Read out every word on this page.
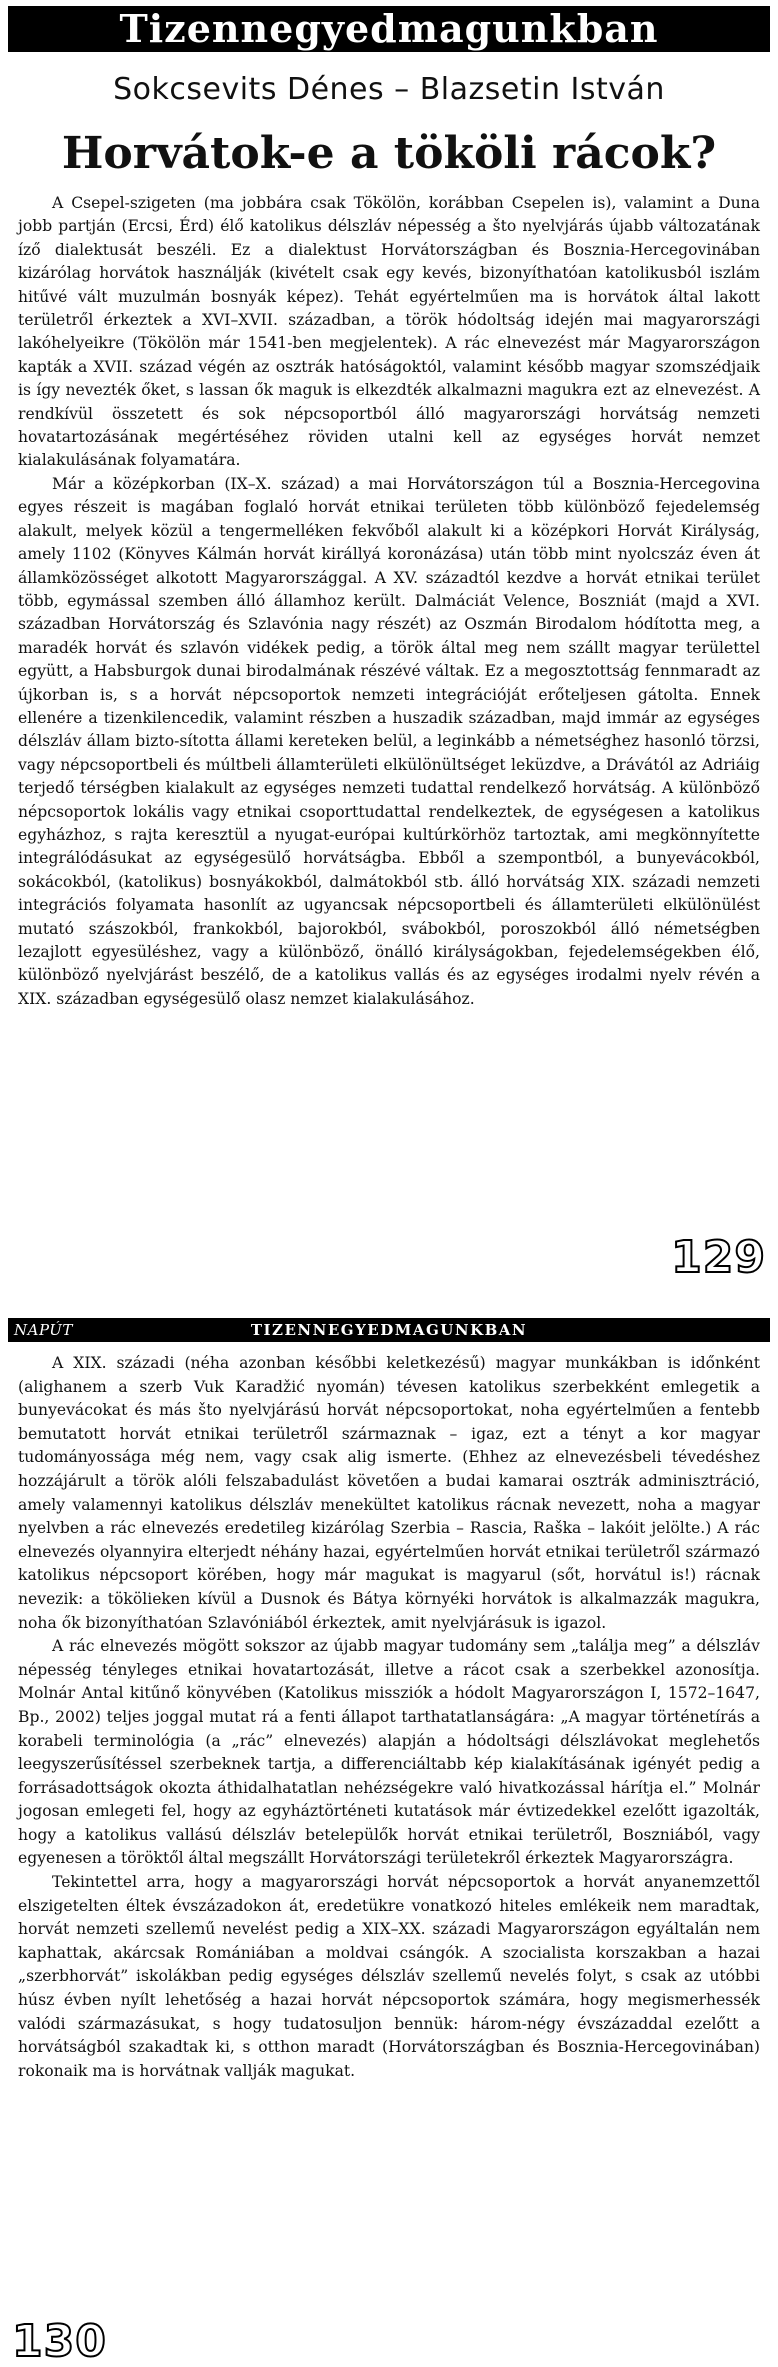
Tizennegyedmagunkban
Sokcsevits Dénes – Blazsetin István
Horvátok-e a tököli rácok?

A Csepel-szigeten (ma jobbára csak Tökölön, korábban Csepelen is), valamint a Duna jobb partján (Ercsi, Érd) élő katolikus délszláv népesség a što nyelvjárás újabb változatának íző dialektusát beszéli. Ez a dialektust Horvátországban és Bosznia-Hercegovinában kizárólag horvátok használják (kivételt csak egy kevés, bizonyíthatóan katolikusból iszlám hitűvé vált muzulmán bosnyák képez). Tehát egyértelműen ma is horvátok által lakott területről érkeztek a XVI–XVII. században, a török hódoltság idején mai magyarországi lakóhelyeikre (Tökölön már 1541-ben megjelentek). A rác elnevezést már Magyarországon kapták a XVII. század végén az osztrák hatóságoktól, valamint később magyar szomszédjaik is így nevezték őket, s lassan ők maguk is elkezdték alkalmazni magukra ezt az elnevezést. A rendkívül összetett és sok népcsoportból álló magyarországi horvátság nemzeti hovatartozásának megértéséhez röviden utalni kell az egységes horvát nemzet kialakulásának folyamatára.

Már a középkorban (IX–X. század) a mai Horvátországon túl a Bosznia-Hercegovina egyes részeit is magában foglaló horvát etnikai területen több különböző fejedelemség alakult, melyek közül a tengermelléken fekvőből alakult ki a középkori Horvát Királyság, amely 1102 (Könyves Kálmán horvát királlyá koronázása) után több mint nyolcszáz éven át államközösséget alkotott Magyarországgal. A XV. századtól kezdve a horvát etnikai terület több, egymással szemben álló államhoz került. Dalmáciát Velence, Boszniát (majd a XVI. században Horvátország és Szlavónia nagy részét) az Oszmán Birodalom hódította meg, a maradék horvát és szlavón vidékek pedig, a török által meg nem szállt magyar területtel együtt, a Habsburgok dunai birodalmának részévé váltak. Ez a megosztottság fennmaradt az újkorban is, s a horvát népcsoportok nemzeti integrációját erőteljesen gátolta. Ennek ellenére a tizenkilencedik, valamint részben a huszadik században, majd immár az egységes délszláv állam bizto-sította állami kereteken belül, a leginkább a németséghez hasonló törzsi, vagy népcsoportbeli és múltbeli államterületi elkülönültséget leküzdve, a Drávától az Adriáig terjedő térségben kialakult az egységes nemzeti tudattal rendelkező horvátság. A különböző népcsoportok lokális vagy etnikai csoporttudattal rendelkeztek, de egységesen a katolikus egyházhoz, s rajta keresztül a nyugat-európai kultúrkörhöz tartoztak, ami megkönnyítette integrálódásukat az egységesülő horvátságba. Ebből a szempontból, a bunyevácokból, sokácokból, (katolikus) bosnyákokból, dalmátokból stb. álló horvátság XIX. századi nemzeti integrációs folyamata hasonlít az ugyancsak népcsoportbeli és államterületi elkülönülést mutató szászokból, frankokból, bajorokból, svábokból, poroszokból álló németségben lezajlott egyesüléshez, vagy a különböző, önálló királyságokban, fejedelemségekben élő, különböző nyelvjárást beszélő, de a katolikus vallás és az egységes irodalmi nyelv révén a XIX. században egységesülő olasz nemzet kialakulásához.

129
NAPÚT	TIZENNEGYEDMAGUNKBAN

A XIX. századi (néha azonban későbbi keletkezésű) magyar munkákban is időnként (alighanem a szerb Vuk Karadžić nyomán) tévesen katolikus szerbekként emlegetik a bunyevácokat és más što nyelvjárású horvát népcsoportokat, noha egyértelműen a fentebb bemutatott horvát etnikai területről származnak – igaz, ezt a tényt a kor magyar tudományossága még nem, vagy csak alig ismerte. (Ehhez az elnevezésbeli tévedéshez hozzájárult a török alóli felszabadulást követően a budai kamarai osztrák adminisztráció, amely valamennyi katolikus délszláv menekültet katolikus rácnak nevezett, noha a magyar nyelvben a rác elnevezés eredetileg kizárólag Szerbia – Rascia, Raška – lakóit jelölte.) A rác elnevezés olyannyira elterjedt néhány hazai, egyértelműen horvát etnikai területről származó katolikus népcsoport körében, hogy már magukat is magyarul (sőt, horvátul is!) rácnak nevezik: a tökölieken kívül a Dusnok és Bátya környéki horvátok is alkalmazzák magukra, noha ők bizonyíthatóan Szlavóniából érkeztek, amit nyelvjárásuk is igazol.

A rác elnevezés mögött sokszor az újabb magyar tudomány sem „találja meg” a délszláv népesség tényleges etnikai hovatartozását, illetve a rácot csak a szerbekkel azonosítja. Molnár Antal kitűnő könyvében (Katolikus missziók a hódolt Magyarországon I, 1572–1647, Bp., 2002) teljes joggal mutat rá a fenti állapot tarthatatlanságára: „A magyar történetírás a korabeli terminológia (a „rác” elnevezés) alapján a hódoltsági délszlávokat meglehetős leegyszerűsítéssel szerbeknek tartja, a differenciáltabb kép kialakításának igényét pedig a forrásadottságok okozta áthidalhatatlan nehézségekre való hivatkozással hárítja el.” Molnár jogosan emlegeti fel, hogy az egyháztörténeti kutatások már évtizedekkel ezelőtt igazolták, hogy a katolikus vallású délszláv betelepülők horvát etnikai területről, Boszniából, vagy egyenesen a töröktől által megszállt Horvátországi területekről érkeztek Magyarországra.

Tekintettel arra, hogy a magyarországi horvát népcsoportok a horvát anyanemzettől elszigetelten éltek évszázadokon át, eredetükre vonatkozó hiteles emlékeik nem maradtak, horvát nemzeti szellemű nevelést pedig a XIX–XX. századi Magyarországon egyáltalán nem kaphattak, akárcsak Romániában a moldvai csángók. A szocialista korszakban a hazai „szerbhorvát” iskolákban pedig egységes délszláv szellemű nevelés folyt, s csak az utóbbi húsz évben nyílt lehetőség a hazai horvát népcsoportok számára, hogy megismerhessék valódi származásukat, s hogy tudatosuljon bennük: három-négy évszázaddal ezelőtt a horvátságból szakadtak ki, s otthon maradt (Horvátországban és Bosznia-Hercegovinában) rokonaik ma is horvátnak vallják magukat.

130
